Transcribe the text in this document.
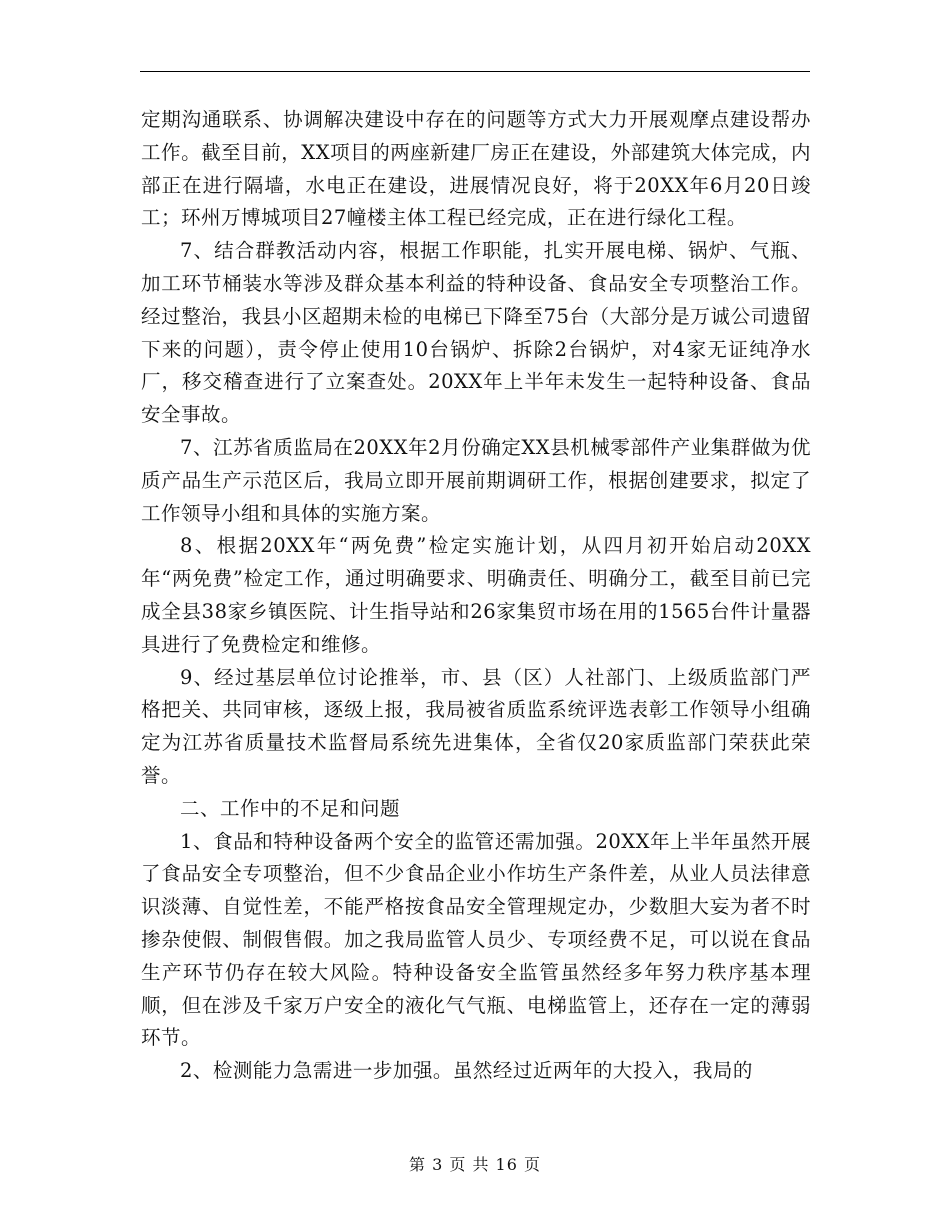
定期沟通联系、协调解决建设中存在的问题等方式大力开展观摩点建设帮办工作。截至目前，XX项目的两座新建厂房正在建设，外部建筑大体完成，内部正在进行隔墙，水电正在建设，进展情况良好，将于20XX年6月20日竣工；环州万博城项目27幢楼主体工程已经完成，正在进行绿化工程。

7、结合群教活动内容，根据工作职能，扎实开展电梯、锅炉、气瓶、加工环节桶装水等涉及群众基本利益的特种设备、食品安全专项整治工作。经过整治，我县小区超期未检的电梯已下降至75台（大部分是万诚公司遗留下来的问题），责令停止使用10台锅炉、拆除2台锅炉，对4家无证纯净水厂，移交稽查进行了立案查处。20XX年上半年未发生一起特种设备、食品安全事故。

7、江苏省质监局在20XX年2月份确定XX县机械零部件产业集群做为优质产品生产示范区后，我局立即开展前期调研工作，根据创建要求，拟定了工作领导小组和具体的实施方案。

8、根据20XX年“两免费”检定实施计划，从四月初开始启动20XX年“两免费”检定工作，通过明确要求、明确责任、明确分工，截至目前已完成全县38家乡镇医院、计生指导站和26家集贸市场在用的1565台件计量器具进行了免费检定和维修。

9、经过基层单位讨论推举，市、县（区）人社部门、上级质监部门严格把关、共同审核，逐级上报，我局被省质监系统评选表彰工作领导小组确定为江苏省质量技术监督局系统先进集体，全省仅20家质监部门荣获此荣誉。

二、工作中的不足和问题

1、食品和特种设备两个安全的监管还需加强。20XX年上半年虽然开展了食品安全专项整治，但不少食品企业小作坊生产条件差，从业人员法律意识淡薄、自觉性差，不能严格按食品安全管理规定办，少数胆大妄为者不时掺杂使假、制假售假。加之我局监管人员少、专项经费不足，可以说在食品生产环节仍存在较大风险。特种设备安全监管虽然经多年努力秩序基本理顺，但在涉及千家万户安全的液化气气瓶、电梯监管上，还存在一定的薄弱环节。

2、检测能力急需进一步加强。虽然经过近两年的大投入，我局的

第 3 页 共 16 页
